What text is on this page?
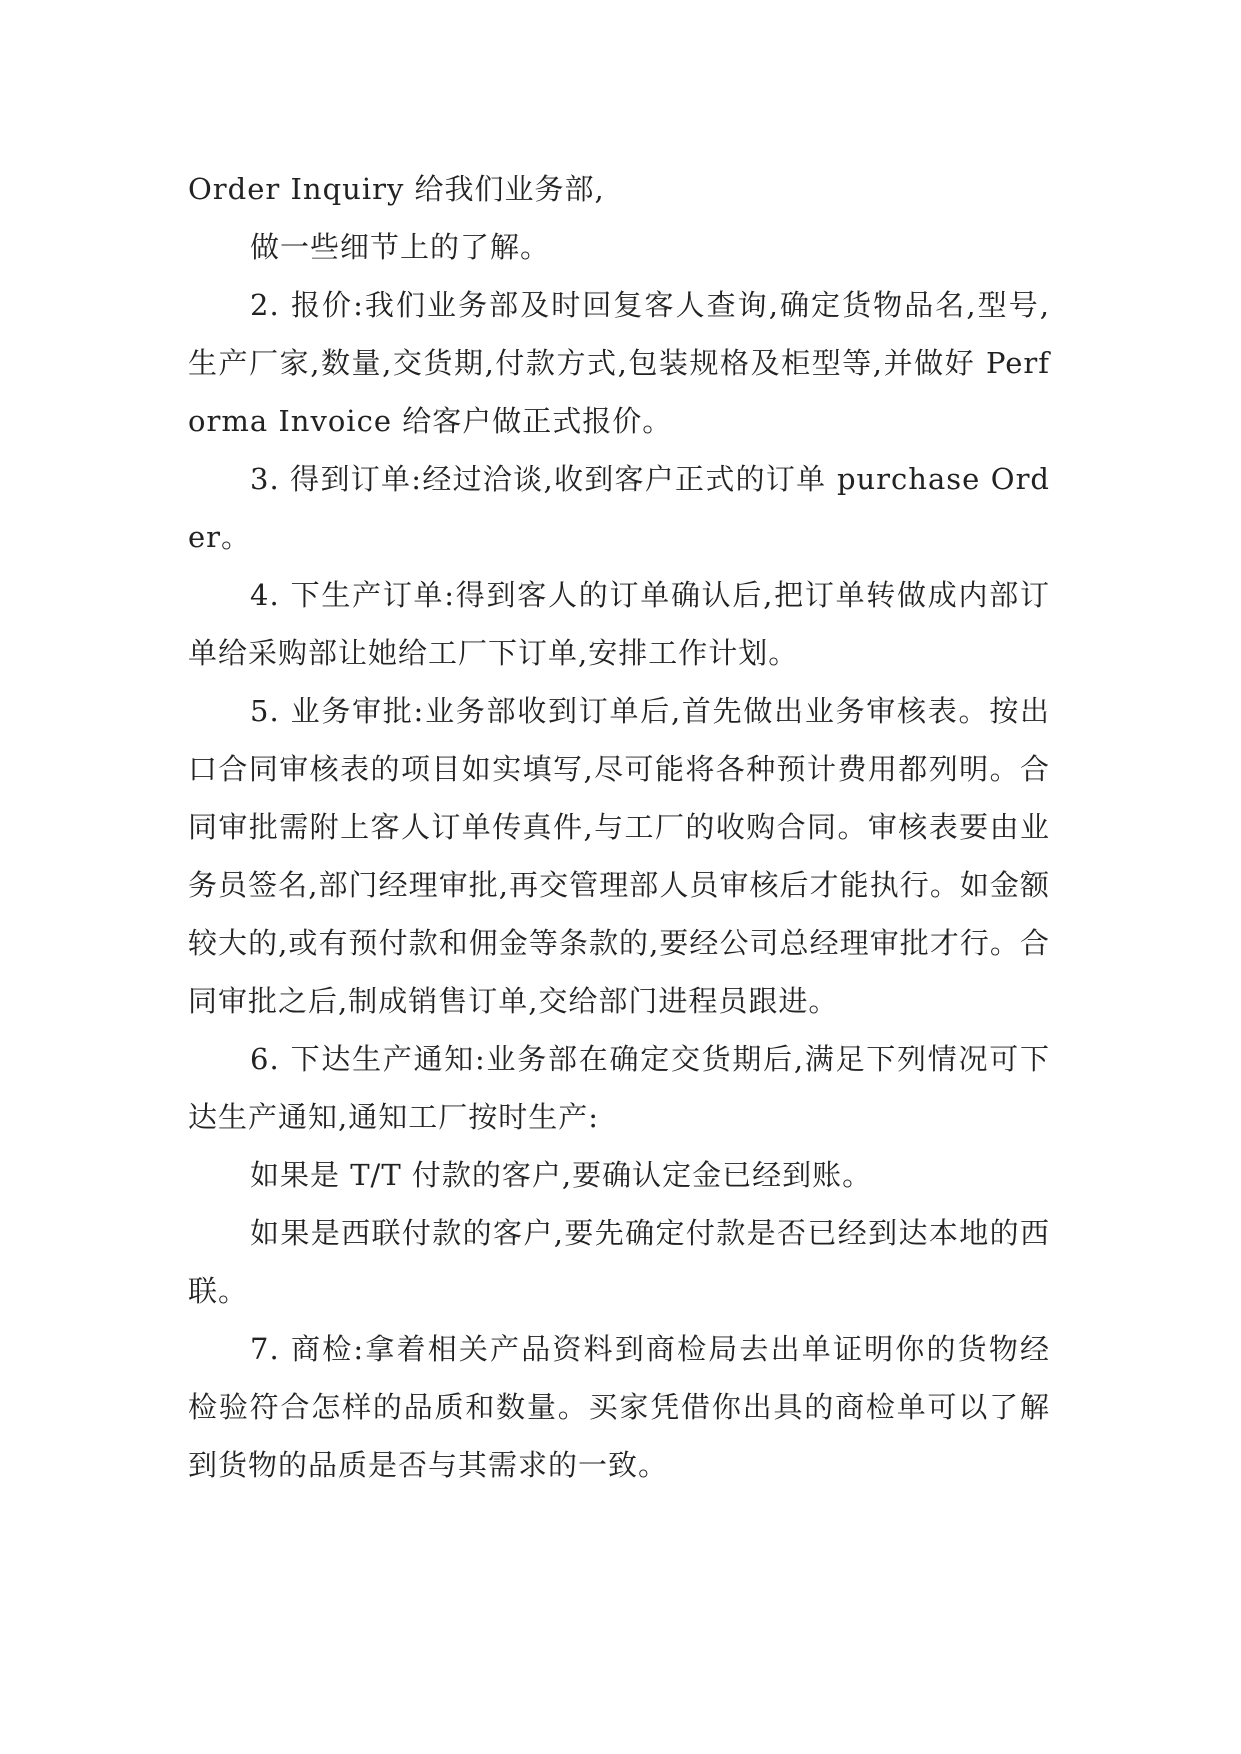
Order Inquiry 给我们业务部,

做一些细节上的了解。

2. 报价:我们业务部及时回复客人查询,确定货物品名,型号,生产厂家,数量,交货期,付款方式,包装规格及柜型等,并做好 Performa Invoice 给客户做正式报价。

3. 得到订单:经过洽谈,收到客户正式的订单 purchase Order。

4. 下生产订单:得到客人的订单确认后,把订单转做成内部订单给采购部让她给工厂下订单,安排工作计划。

5. 业务审批:业务部收到订单后,首先做出业务审核表。按出口合同审核表的项目如实填写,尽可能将各种预计费用都列明。合同审批需附上客人订单传真件,与工厂的收购合同。审核表要由业务员签名,部门经理审批,再交管理部人员审核后才能执行。如金额较大的,或有预付款和佣金等条款的,要经公司总经理审批才行。合同审批之后,制成销售订单,交给部门进程员跟进。

6. 下达生产通知:业务部在确定交货期后,满足下列情况可下达生产通知,通知工厂按时生产:

如果是 T/T 付款的客户,要确认定金已经到账。

如果是西联付款的客户,要先确定付款是否已经到达本地的西联。

7. 商检:拿着相关产品资料到商检局去出单证明你的货物经检验符合怎样的品质和数量。买家凭借你出具的商检单可以了解到货物的品质是否与其需求的一致。
